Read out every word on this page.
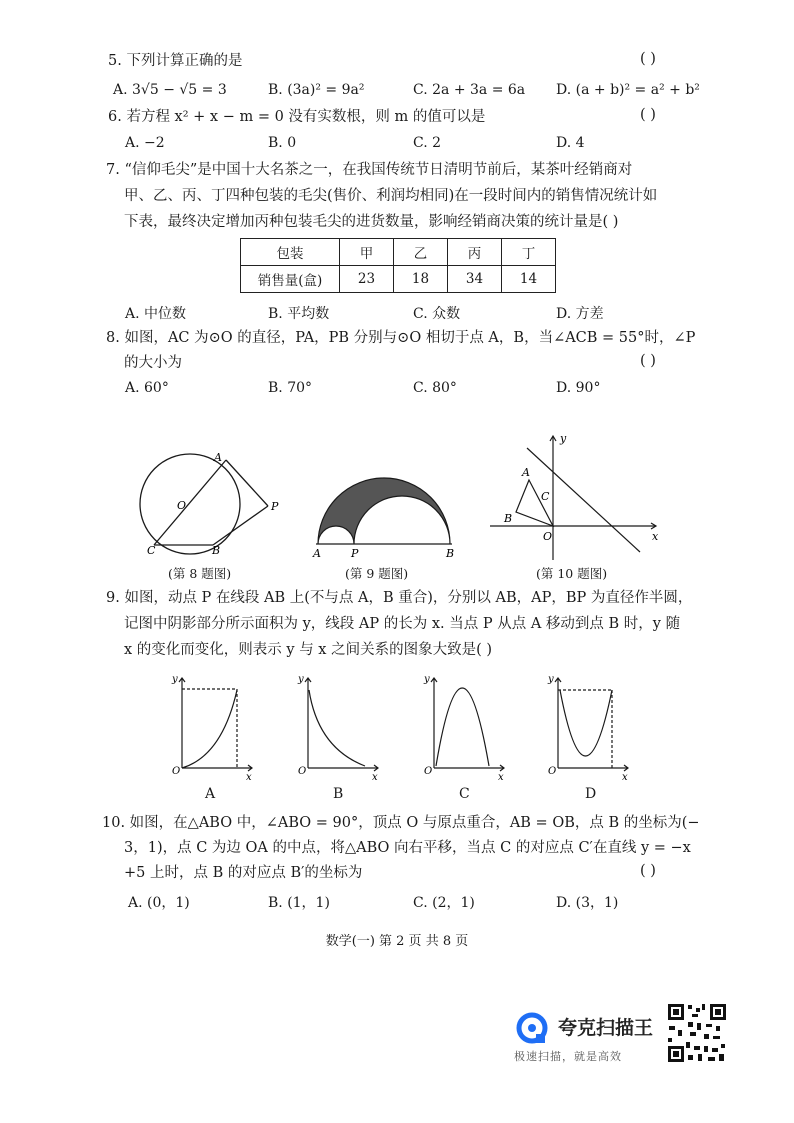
5. 下列计算正确的是	( )
A. 3√5 − √5 = 3	B. (3a)² = 9a²	C. 2a + 3a = 6a D. (a + b)² = a² + b²
6. 若方程 x² + x − m = 0 没有实数根，则 m 的值可以是	( )
A. −2	B. 0	C. 2	D. 4
7. “信仰毛尖”是中国十大名茶之一，在我国传统节日清明节前后，某茶叶经销商对
甲、乙、丙、丁四种包装的毛尖(售价、利润均相同)在一段时间内的销售情况统计如
下表，最终决定增加丙种包装毛尖的进货数量，影响经销商决策的统计量是( )
包装	甲	乙	丙	丁
销售量(盒)	23	18	34	14
A. 中位数	B. 平均数	C. 众数	D. 方差
8. 如图，AC 为⊙O 的直径，PA，PB 分别与⊙O 相切于点 A，B，当∠ACB = 55°时，∠P
的大小为	( )
A. 60°	B. 70°	C. 80°	D. 90°
A
O	P
C	B	A	P	B
y
A
C
B
O	x
(第 8 题图)	(第 9 题图)	(第 10 题图)
9. 如图，动点 P 在线段 AB 上(不与点 A，B 重合)，分别以 AB，AP，BP 为直径作半圆，
记图中阴影部分所示面积为 y，线段 AP 的长为 x. 当点 P 从点 A 移动到点 B 时，y 随
x 的变化而变化，则表示 y 与 x 之间关系的图象大致是( )
y
O
x
y
O
x
y
O
x
y
O
x
A	B	C	D
10. 如图，在△ABO 中，∠ABO = 90°，顶点 O 与原点重合，AB = OB，点 B 的坐标为(−
3，1)，点 C 为边 OA 的中点，将△ABO 向右平移，当点 C 的对应点 C′在直线 y = −x
+5 上时，点 B 的对应点 B′的坐标为	( )
A. (0，1)	B. (1，1)	C. (2，1)	D. (3，1)
数学(一) 第 2 页 共 8 页
夸克扫描王
极速扫描，就是高效
